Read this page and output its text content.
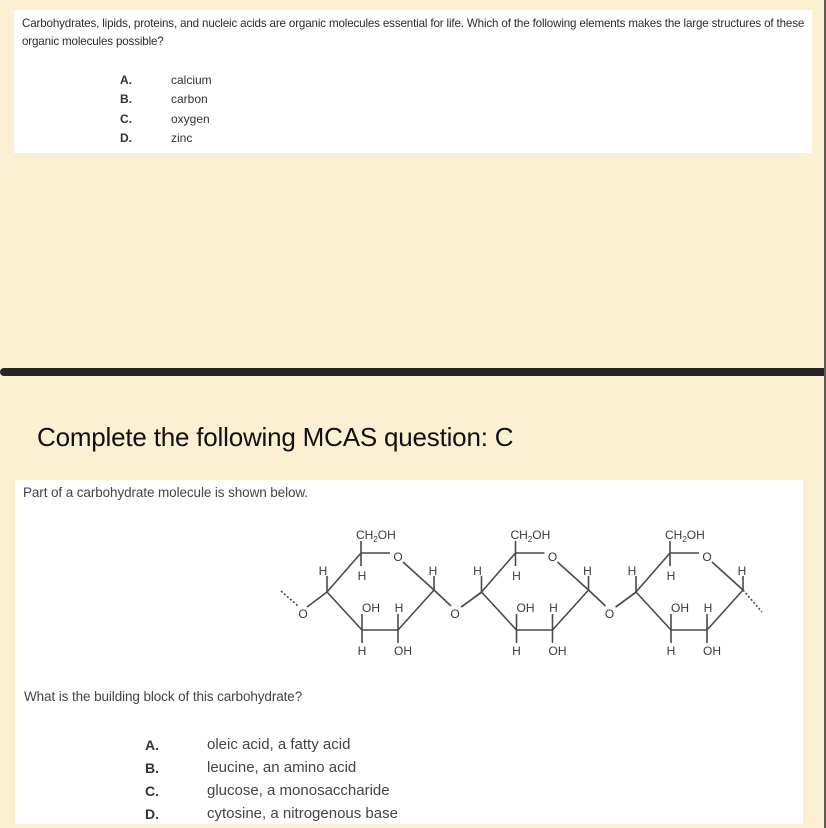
Carbohydrates, lipids, proteins, and nucleic acids are organic molecules essential for life. Which of the following elements makes the large structures of these organic molecules possible?
A.	calcium
B.	carbon
C.	oxygen
D.	zinc
Complete the following MCAS question: C
Part of a carbohydrate molecule is shown below.
What is the building block of this carbohydrate?
A.	oleic acid, a fatty acid
B.	leucine, an amino acid
C.	glucose, a monosaccharide
D.	cytosine, a nitrogenous base
$CH_2OH$
O
H
H	H
OH H
H OH
O
$CH_2OH$
O
H
H	H
OH H
H OH
O
$CH_2OH$
O
H
H	H
OH H
H OH
O
